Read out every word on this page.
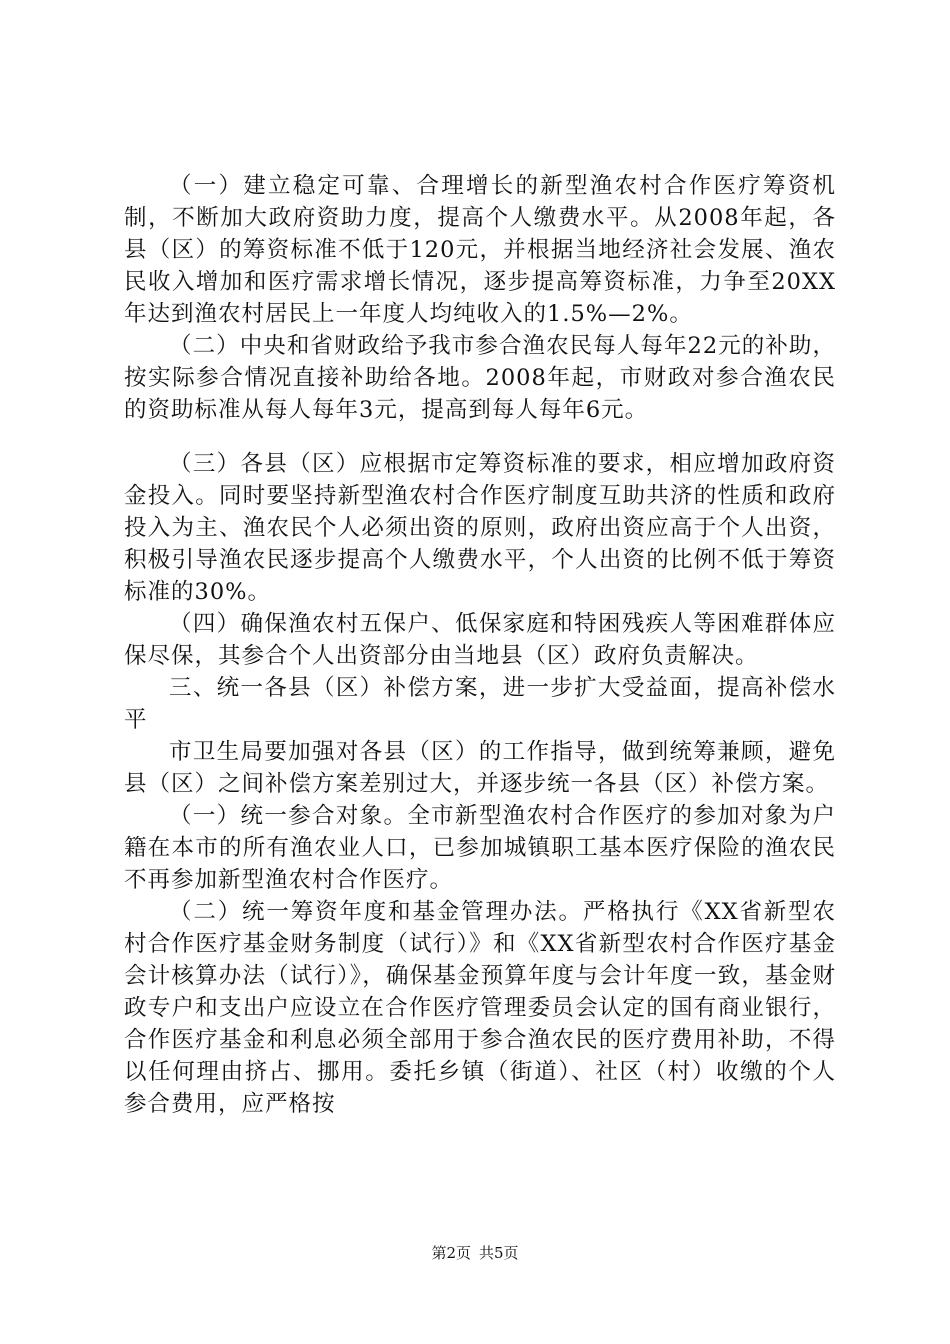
（一）建立稳定可靠、合理增长的新型渔农村合作医疗筹资机制，不断加大政府资助力度，提高个人缴费水平。从2008年起，各县（区）的筹资标准不低于120元，并根据当地经济社会发展、渔农民收入增加和医疗需求增长情况，逐步提高筹资标准，力争至20XX年达到渔农村居民上一年度人均纯收入的1.5%—2%。

（二）中央和省财政给予我市参合渔农民每人每年22元的补助，按实际参合情况直接补助给各地。2008年起，市财政对参合渔农民的资助标准从每人每年3元，提高到每人每年6元。

（三）各县（区）应根据市定筹资标准的要求，相应增加政府资金投入。同时要坚持新型渔农村合作医疗制度互助共济的性质和政府投入为主、渔农民个人必须出资的原则，政府出资应高于个人出资，积极引导渔农民逐步提高个人缴费水平，个人出资的比例不低于筹资标准的30%。

（四）确保渔农村五保户、低保家庭和特困残疾人等困难群体应保尽保，其参合个人出资部分由当地县（区）政府负责解决。

三、统一各县（区）补偿方案，进一步扩大受益面，提高补偿水平

市卫生局要加强对各县（区）的工作指导，做到统筹兼顾，避免县（区）之间补偿方案差别过大，并逐步统一各县（区）补偿方案。

（一）统一参合对象。全市新型渔农村合作医疗的参加对象为户籍在本市的所有渔农业人口，已参加城镇职工基本医疗保险的渔农民不再参加新型渔农村合作医疗。

（二）统一筹资年度和基金管理办法。严格执行《XX省新型农村合作医疗基金财务制度（试行）》和《XX省新型农村合作医疗基金会计核算办法（试行）》，确保基金预算年度与会计年度一致，基金财政专户和支出户应设立在合作医疗管理委员会认定的国有商业银行，合作医疗基金和利息必须全部用于参合渔农民的医疗费用补助，不得以任何理由挤占、挪用。委托乡镇（街道）、社区（村）收缴的个人参合费用，应严格按

第2页 共5页
